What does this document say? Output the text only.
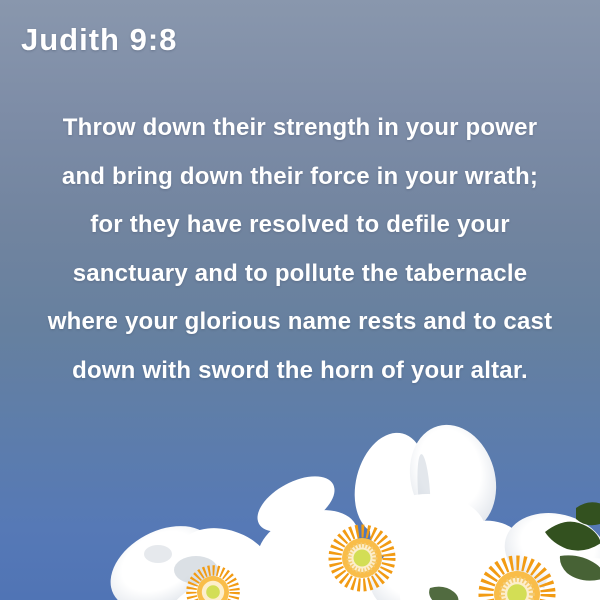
Judith 9:8

Throw down their strength in your power

and bring down their force in your wrath;

for they have resolved to defile your

sanctuary and to pollute the tabernacle

where your glorious name rests and to cast

down with sword the horn of your altar.
